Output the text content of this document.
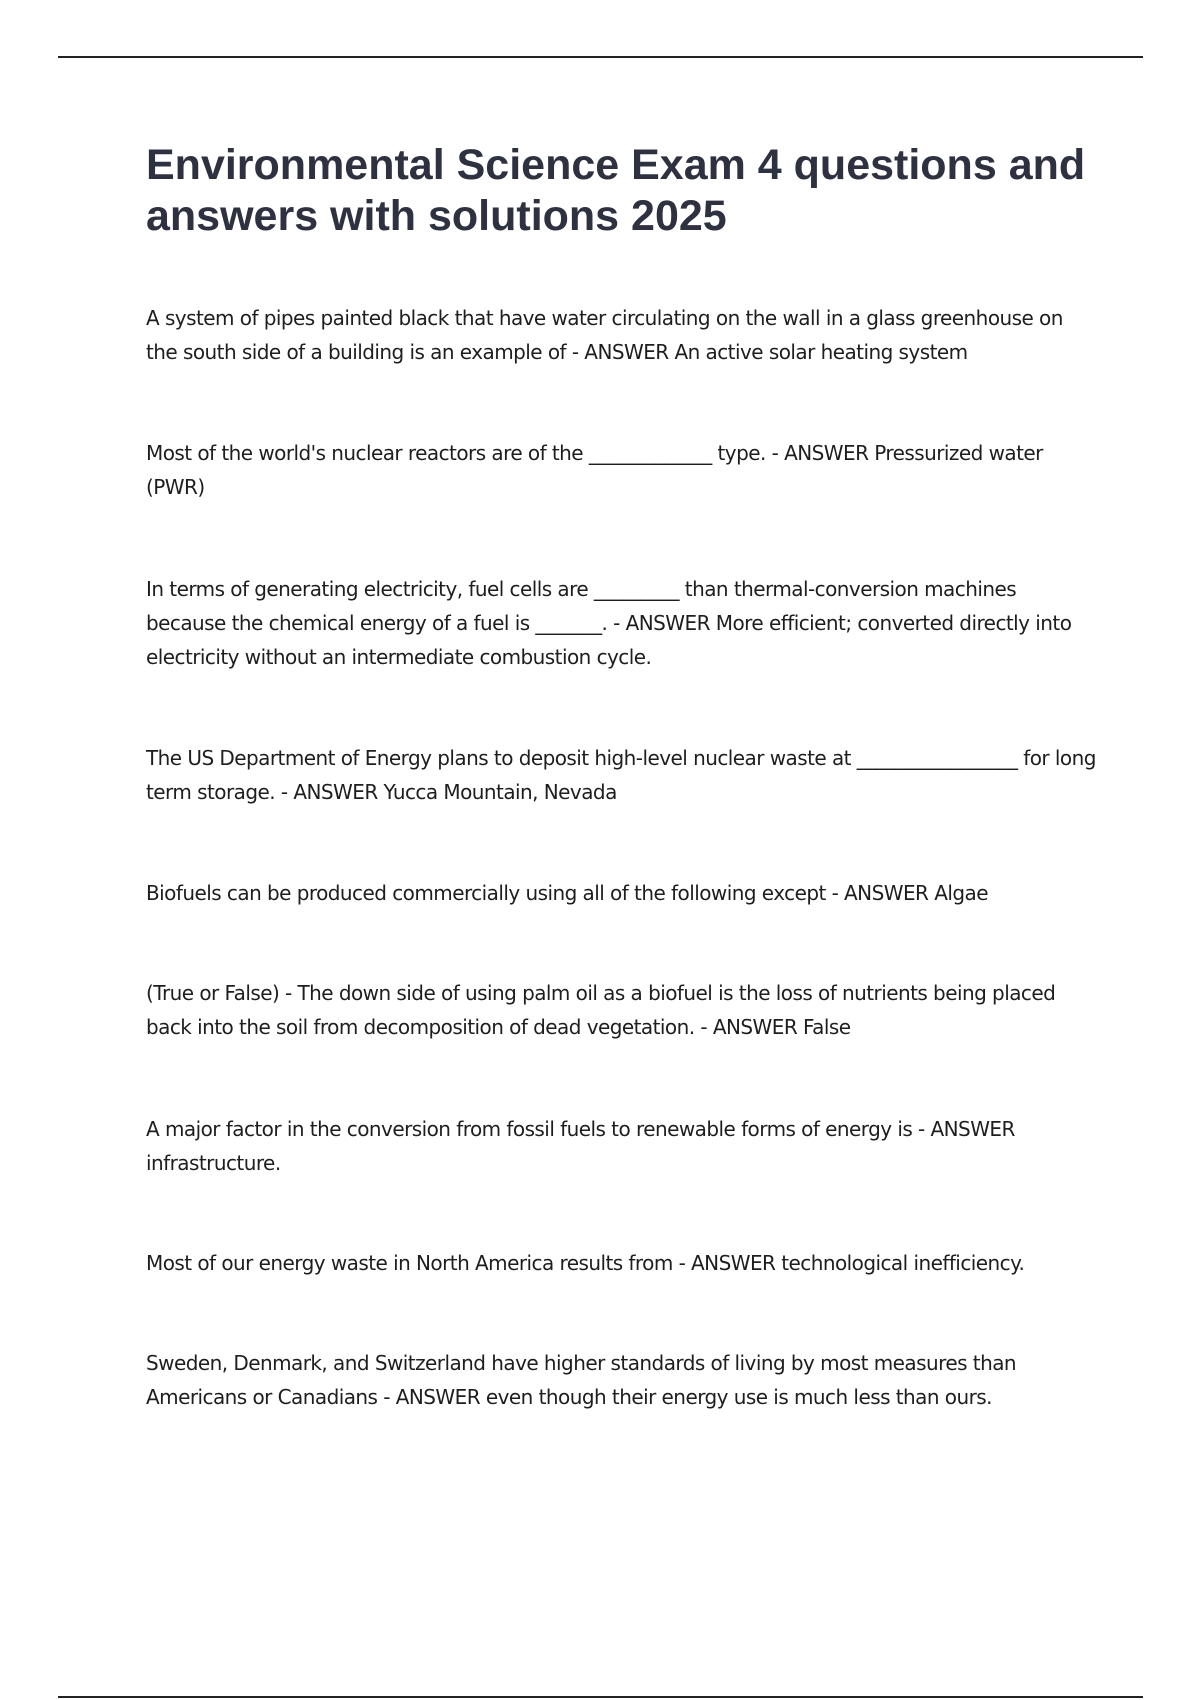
Environmental Science Exam 4 questions and answers with solutions 2025

A system of pipes painted black that have water circulating on the wall in a glass greenhouse on the south side of a building is an example of - ANSWER An active solar heating system

Most of the world's nuclear reactors are of the _____________ type. - ANSWER Pressurized water (PWR)

In terms of generating electricity, fuel cells are _________ than thermal-conversion machines because the chemical energy of a fuel is _______. - ANSWER More efficient; converted directly into electricity without an intermediate combustion cycle.

The US Department of Energy plans to deposit high-level nuclear waste at _________________ for long term storage. - ANSWER Yucca Mountain, Nevada

Biofuels can be produced commercially using all of the following except - ANSWER Algae

(True or False) - The down side of using palm oil as a biofuel is the loss of nutrients being placed back into the soil from decomposition of dead vegetation. - ANSWER False

A major factor in the conversion from fossil fuels to renewable forms of energy is - ANSWER infrastructure.

Most of our energy waste in North America results from - ANSWER technological inefficiency.

Sweden, Denmark, and Switzerland have higher standards of living by most measures than Americans or Canadians - ANSWER even though their energy use is much less than ours.
